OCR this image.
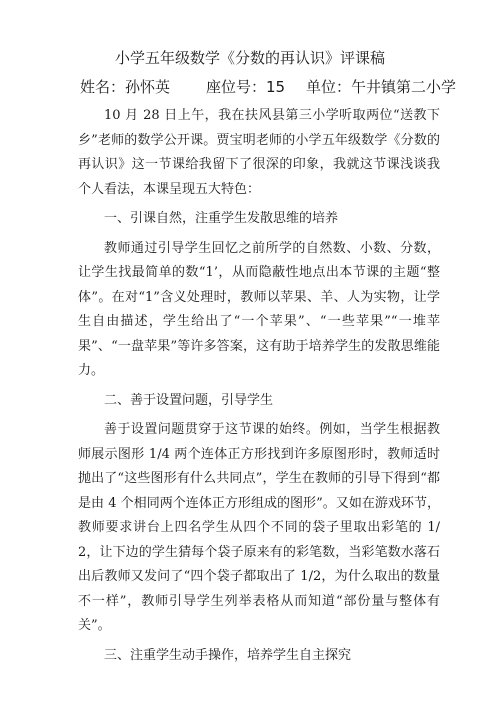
小学五年级数学《分数的再认识》评课稿
姓名：孙怀英 座位号：15 单位：午井镇第二小学

10 月 28 日上午，我在扶风县第三小学听取两位“送教下乡”老师的数学公开课。贾宝明老师的小学五年级数学《分数的再认识》这一节课给我留下了很深的印象，我就这节课浅谈我个人看法，本课呈现五大特色：

一、引课自然，注重学生发散思维的培养

教师通过引导学生回忆之前所学的自然数、小数、分数，让学生找最简单的数“1’，从而隐蔽性地点出本节课的主题“整体”。在对“1”含义处理时，教师以苹果、羊、人为实物，让学生自由描述，学生给出了“一个苹果”、“一些苹果”“一堆苹果”、“一盘苹果”等许多答案，这有助于培养学生的发散思维能力。

二、善于设置问题，引导学生

善于设置问题贯穿于这节课的始终。例如，当学生根据教师展示图形 1/4 两个连体正方形找到许多原图形时，教师适时抛出了“这些图形有什么共同点”，学生在教师的引导下得到“都是由 4 个相同两个连体正方形组成的图形”。又如在游戏环节，教师要求讲台上四名学生从四个不同的袋子里取出彩笔的 1/2，让下边的学生猜每个袋子原来有的彩笔数，当彩笔数水落石出后教师又发问了“四个袋子都取出了 1/2，为什么取出的数量不一样”，教师引导学生列举表格从而知道“部份量与整体有关”。

三、注重学生动手操作，培养学生自主探究
